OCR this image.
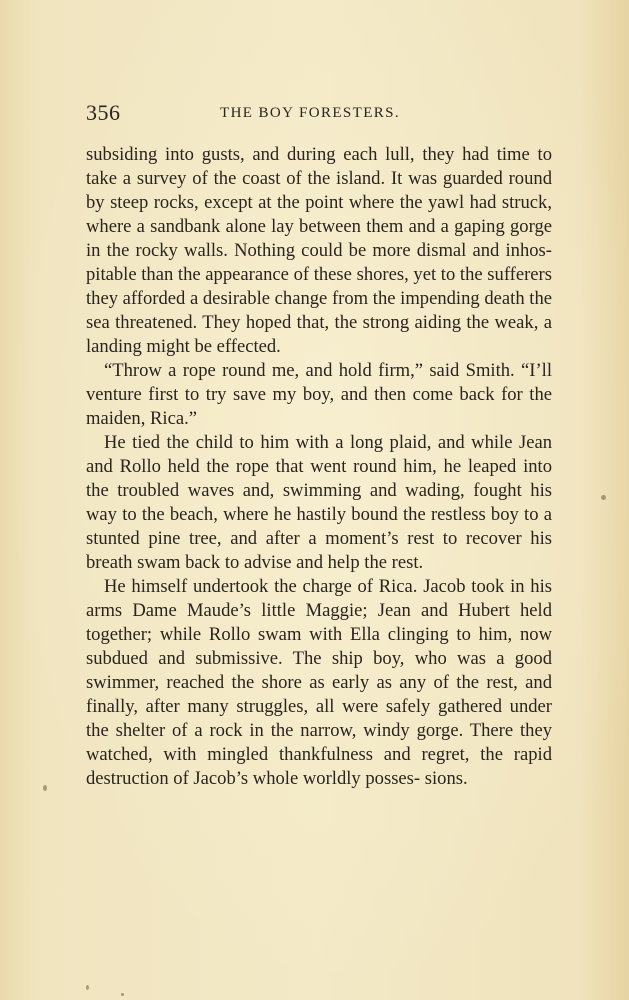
356	THE BOY FORESTERS.

subsiding into gusts, and during each lull, they had time to take a survey of the coast of the island. It was guarded round by steep rocks, except at the point where the yawl had struck, where a sandbank alone lay between them and a gaping gorge in the rocky walls. Nothing could be more dismal and inhos- pitable than the appearance of these shores, yet to the sufferers they afforded a desirable change from the impending death the sea threatened. They hoped that, the strong aiding the weak, a landing might be effected.

“Throw a rope round me, and hold firm,” said Smith. “I’ll venture first to try save my boy, and then come back for the maiden, Rica.”

He tied the child to him with a long plaid, and while Jean and Rollo held the rope that went round him, he leaped into the troubled waves and, swimming and wading, fought his way to the beach, where he hastily bound the restless boy to a stunted pine tree, and after a moment’s rest to recover his breath swam back to advise and help the rest.

He himself undertook the charge of Rica. Jacob took in his arms Dame Maude’s little Maggie; Jean and Hubert held together; while Rollo swam with Ella clinging to him, now subdued and submissive. The ship boy, who was a good swimmer, reached the shore as early as any of the rest, and finally, after many struggles, all were safely gathered under the shelter of a rock in the narrow, windy gorge. There they watched, with mingled thankfulness and regret, the rapid destruction of Jacob’s whole worldly posses- sions.
